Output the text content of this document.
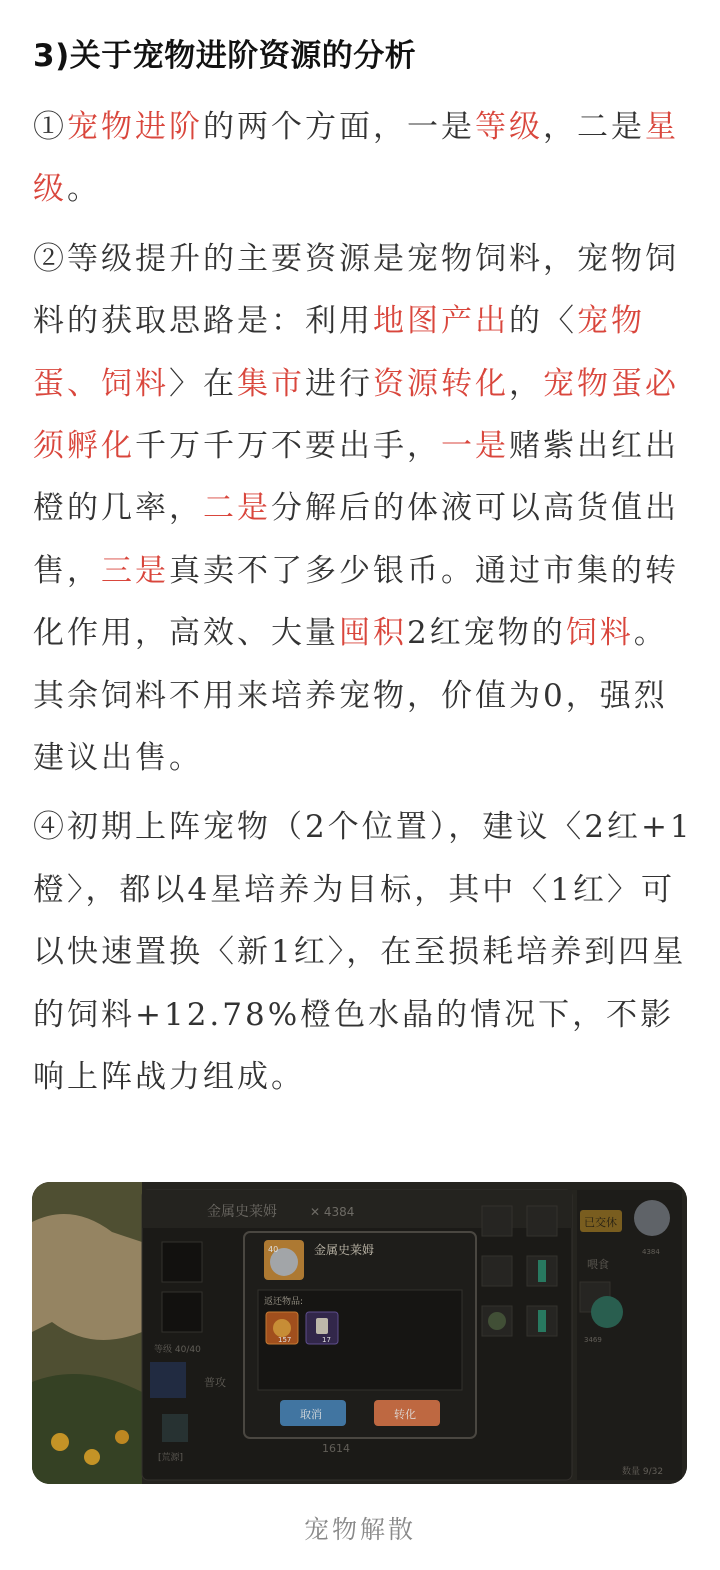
3)关于宠物进阶资源的分析

①宠物进阶的两个方面，一是等级，二是星级。

②等级提升的主要资源是宠物饲料，宠物饲料的获取思路是：利用地图产出的〈宠物蛋、饲料〉在集市进行资源转化，宠物蛋必须孵化千万千万不要出手，一是赌紫出红出橙的几率，二是分解后的体液可以高货值出售，三是真卖不了多少银币。通过市集的转化作用，高效、大量囤积2红宠物的饲料。其余饲料不用来培养宠物，价值为0，强烈建议出售。

④初期上阵宠物（2个位置），建议〈2红+1橙〉，都以4星培养为目标，其中〈1红〉可以快速置换〈新1红〉，在至损耗培养到四星的饲料+12.78%橙色水晶的情况下，不影响上阵战力组成。

金属史莱姆	✕ 4384
等级 40/40
普攻
[荒源]
1614
已交休
4384
喂食
3469
数量 9/32
40	金属史莱姆
返还物品:
157	17
取消	转化
宠物解散
